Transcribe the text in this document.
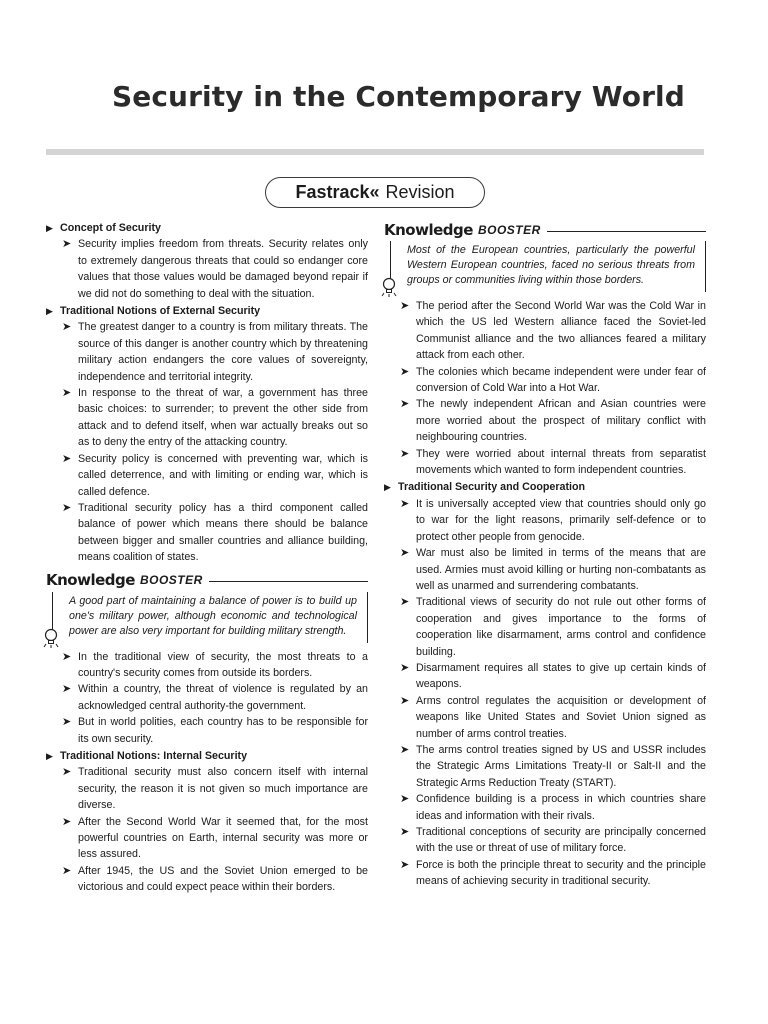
Security in the Contemporary World
Fastrack« Revision
▶ Concept of Security
➤ Security implies freedom from threats. Security relates only to extremely dangerous threats that could so endanger core values that those values would be damaged beyond repair if we did not do something to deal with the situation.
▶ Traditional Notions of External Security
➤ The greatest danger to a country is from military threats. The source of this danger is another country which by threatening military action endangers the core values of sovereignty, independence and territorial integrity.
➤ In response to the threat of war, a government has three basic choices: to surrender; to prevent the other side from attack and to defend itself, when war actually breaks out so as to deny the entry of the attacking country.
➤ Security policy is concerned with preventing war, which is called deterrence, and with limiting or ending war, which is called defence.
➤ Traditional security policy has a third component called balance of power which means there should be balance between bigger and smaller countries and alliance building, means coalition of states.
Knowledge BOOSTER
A good part of maintaining a balance of power is to build up one's military power, although economic and technological power are also very important for building military strength.
➤ In the traditional view of security, the most threats to a country's security comes from outside its borders.
➤ Within a country, the threat of violence is regulated by an acknowledged central authority-the government.
➤ But in world polities, each country has to be responsible for its own security.
▶ Traditional Notions: Internal Security
➤ Traditional security must also concern itself with internal security, the reason it is not given so much importance are diverse.
➤ After the Second World War it seemed that, for the most powerful countries on Earth, internal security was more or less assured.
➤ After 1945, the US and the Soviet Union emerged to be victorious and could expect peace within their borders.
Knowledge BOOSTER
Most of the European countries, particularly the powerful Western European countries, faced no serious threats from groups or communities living within those borders.
➤ The period after the Second World War was the Cold War in which the US led Western alliance faced the Soviet-led Communist alliance and the two alliances feared a military attack from each other.
➤ The colonies which became independent were under fear of conversion of Cold War into a Hot War.
➤ The newly independent African and Asian countries were more worried about the prospect of military conflict with neighbouring countries.
➤ They were worried about internal threats from separatist movements which wanted to form independent countries.
▶ Traditional Security and Cooperation
➤ It is universally accepted view that countries should only go to war for the light reasons, primarily self-defence or to protect other people from genocide.
➤ War must also be limited in terms of the means that are used. Armies must avoid killing or hurting non-combatants as well as unarmed and surrendering combatants.
➤ Traditional views of security do not rule out other forms of cooperation and gives importance to the forms of cooperation like disarmament, arms control and confidence building.
➤ Disarmament requires all states to give up certain kinds of weapons.
➤ Arms control regulates the acquisition or development of weapons like United States and Soviet Union signed as number of arms control treaties.
➤ The arms control treaties signed by US and USSR includes the Strategic Arms Limitations Treaty-II or Salt-II and the Strategic Arms Reduction Treaty (START).
➤ Confidence building is a process in which countries share ideas and information with their rivals.
➤ Traditional conceptions of security are principally concerned with the use or threat of use of military force.
➤ Force is both the principle threat to security and the principle means of achieving security in traditional security.
